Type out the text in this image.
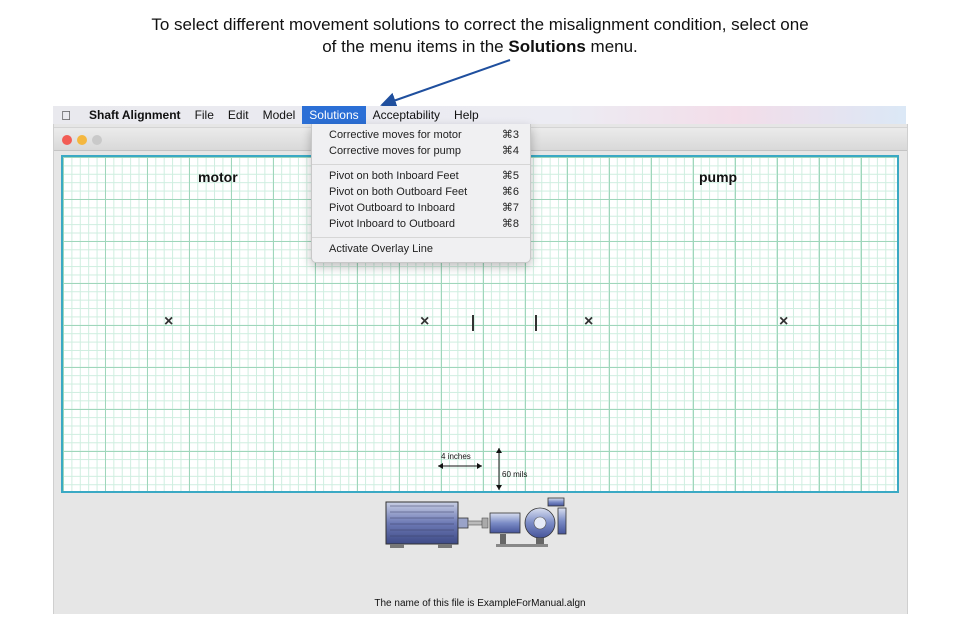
To select different movement solutions to correct the misalignment condition, select one
of the menu items in the Solutions menu.
Shaft Alignment	File	Edit	Model	Solutions	Acceptability	Help
motor	pump
×	×	×	×
4 inches
60 mils
The name of this file is ExampleForManual.algn
Corrective moves for motor	⌘3
Corrective moves for pump	⌘4
Pivot on both Inboard Feet	⌘5
Pivot on both Outboard Feet	⌘6
Pivot Outboard to Inboard	⌘7
Pivot Inboard to Outboard	⌘8
Activate Overlay Line
